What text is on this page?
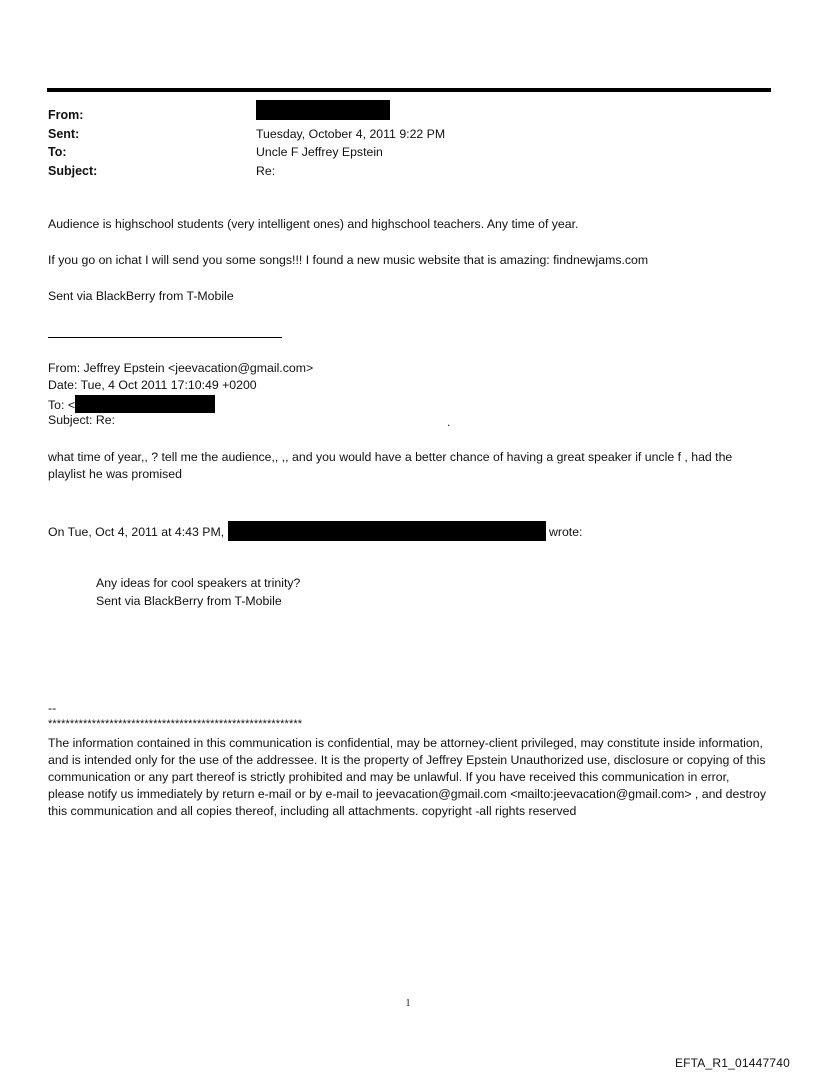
From:
Sent:	Tuesday, October 4, 2011 9:22 PM
To:	Uncle F Jeffrey Epstein
Subject:	Re:
Audience is highschool students (very intelligent ones) and highschool teachers. Any time of year.
If you go on ichat I will send you some songs!!! I found a new music website that is amazing: findnewjams.com
Sent via BlackBerry from T-Mobile
From: Jeffrey Epstein <jeevacation@gmail.com>
Date: Tue, 4 Oct 2011 17:10:49 +0200
To: <
Subject: Re:	.
what time of year,, ? tell me the audience,, ,, and you would have a better chance of having a great speaker if uncle f , had the playlist he was promised
On Tue, Oct 4, 2011 at 4:43 PM,	wrote:
Any ideas for cool speakers at trinity?
Sent via BlackBerry from T-Mobile
--
**********************************************************
The information contained in this communication is confidential, may be attorney-client privileged, may constitute inside information, and is intended only for the use of the addressee. It is the property of Jeffrey Epstein Unauthorized use, disclosure or copying of this communication or any part thereof is strictly prohibited and may be unlawful. If you have received this communication in error, please notify us immediately by return e-mail or by e-mail to jeevacation@gmail.com <mailto:jeevacation@gmail.com> , and destroy this communication and all copies thereof, including all attachments. copyright -all rights reserved
1
EFTA_R1_01447740
